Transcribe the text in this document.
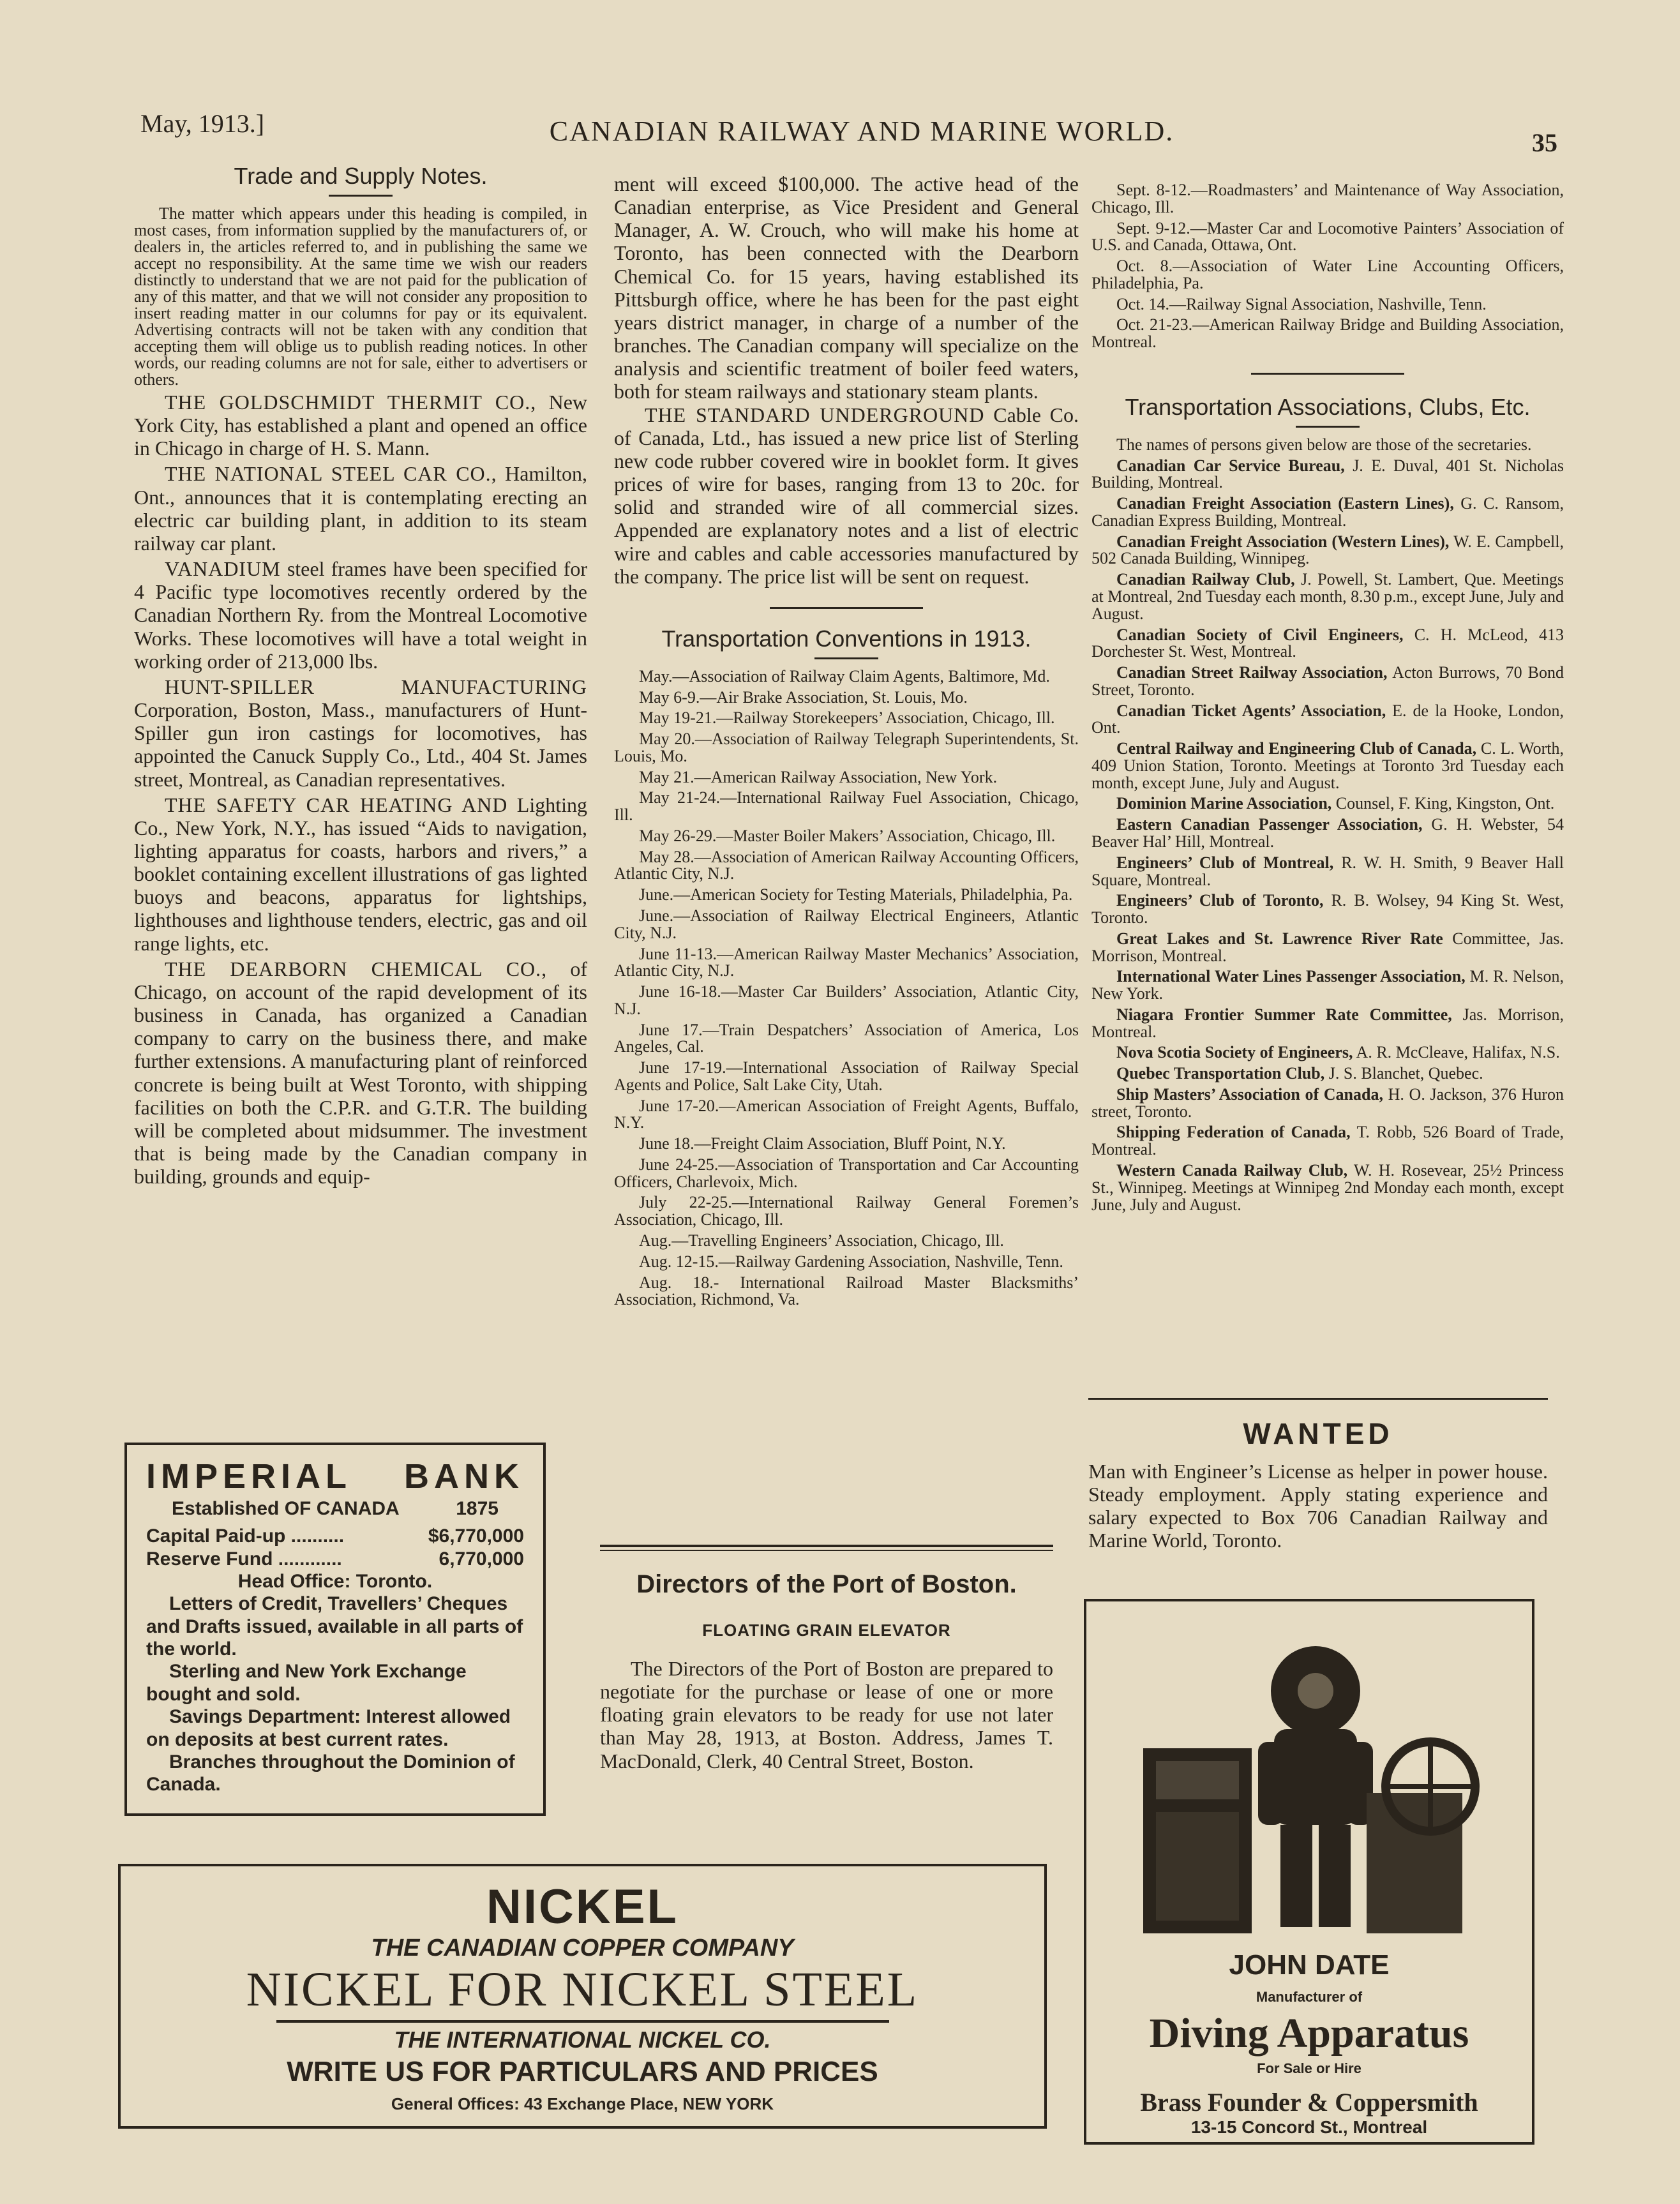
May, 1913.]	CANADIAN RAILWAY AND MARINE WORLD.	35
Trade and Supply Notes.

The matter which appears under this heading is compiled, in most cases, from information supplied by the manufacturers of, or dealers in, the articles referred to, and in publishing the same we accept no responsibility. At the same time we wish our readers distinctly to understand that we are not paid for the publication of any of this matter, and that we will not consider any proposition to insert reading matter in our columns for pay or its equivalent. Advertising contracts will not be taken with any condition that accepting them will oblige us to publish reading notices. In other words, our reading columns are not for sale, either to advertisers or others.

THE GOLDSCHMIDT THERMIT CO., New York City, has established a plant and opened an office in Chicago in charge of H. S. Mann.

THE NATIONAL STEEL CAR CO., Hamilton, Ont., announces that it is contemplating erecting an electric car building plant, in addition to its steam railway car plant.

VANADIUM steel frames have been specified for 4 Pacific type locomotives recently ordered by the Canadian Northern Ry. from the Montreal Locomotive Works. These locomotives will have a total weight in working order of 213,000 lbs.

HUNT-SPILLER MANUFACTURING Corporation, Boston, Mass., manufacturers of Hunt-Spiller gun iron castings for locomotives, has appointed the Canuck Supply Co., Ltd., 404 St. James street, Montreal, as Canadian representatives.

THE SAFETY CAR HEATING AND Lighting Co., New York, N.Y., has issued “Aids to navigation, lighting apparatus for coasts, harbors and rivers,” a booklet containing excellent illustrations of gas lighted buoys and beacons, apparatus for lightships, lighthouses and lighthouse tenders, electric, gas and oil range lights, etc.

THE DEARBORN CHEMICAL CO., of Chicago, on account of the rapid development of its business in Canada, has organized a Canadian company to carry on the business there, and make further extensions. A manufacturing plant of reinforced concrete is being built at West Toronto, with shipping facilities on both the C.P.R. and G.T.R. The building will be completed about midsummer. The investment that is being made by the Canadian company in building, grounds and equip-

ment will exceed $100,000. The active head of the Canadian enterprise, as Vice President and General Manager, A. W. Crouch, who will make his home at Toronto, has been connected with the Dearborn Chemical Co. for 15 years, having established its Pittsburgh office, where he has been for the past eight years district manager, in charge of a number of the branches. The Canadian company will specialize on the analysis and scientific treatment of boiler feed waters, both for steam railways and stationary steam plants.

THE STANDARD UNDERGROUND Cable Co. of Canada, Ltd., has issued a new price list of Sterling new code rubber covered wire in booklet form. It gives prices of wire for bases, ranging from 13 to 20c. for solid and stranded wire of all commercial sizes. Appended are explanatory notes and a list of electric wire and cables and cable accessories manufactured by the company. The price list will be sent on request.

Transportation Conventions in 1913.

May.—Association of Railway Claim Agents, Baltimore, Md.

May 6-9.—Air Brake Association, St. Louis, Mo.

May 19-21.—Railway Storekeepers’ Association, Chicago, Ill.

May 20.—Association of Railway Telegraph Superintendents, St. Louis, Mo.

May 21.—American Railway Association, New York.

May 21-24.—International Railway Fuel Association, Chicago, Ill.

May 26-29.—Master Boiler Makers’ Association, Chicago, Ill.

May 28.—Association of American Railway Accounting Officers, Atlantic City, N.J.

June.—American Society for Testing Materials, Philadelphia, Pa.

June.—Association of Railway Electrical Engineers, Atlantic City, N.J.

June 11-13.—American Railway Master Mechanics’ Association, Atlantic City, N.J.

June 16-18.—Master Car Builders’ Association, Atlantic City, N.J.

June 17.—Train Despatchers’ Association of America, Los Angeles, Cal.

June 17-19.—International Association of Railway Special Agents and Police, Salt Lake City, Utah.

June 17-20.—American Association of Freight Agents, Buffalo, N.Y.

June 18.—Freight Claim Association, Bluff Point, N.Y.

June 24-25.—Association of Transportation and Car Accounting Officers, Charlevoix, Mich.

July 22-25.—International Railway General Foremen’s Association, Chicago, Ill.

Aug.—Travelling Engineers’ Association, Chicago, Ill.

Aug. 12-15.—Railway Gardening Association, Nashville, Tenn.

Aug. 18.- International Railroad Master Blacksmiths’ Association, Richmond, Va.

Sept. 8-12.—Roadmasters’ and Maintenance of Way Association, Chicago, Ill.

Sept. 9-12.—Master Car and Locomotive Painters’ Association of U.S. and Canada, Ottawa, Ont.

Oct. 8.—Association of Water Line Accounting Officers, Philadelphia, Pa.

Oct. 14.—Railway Signal Association, Nashville, Tenn.

Oct. 21-23.—American Railway Bridge and Building Association, Montreal.

Transportation Associations, Clubs, Etc.

The names of persons given below are those of the secretaries.

Canadian Car Service Bureau, J. E. Duval, 401 St. Nicholas Building, Montreal.

Canadian Freight Association (Eastern Lines), G. C. Ransom, Canadian Express Building, Montreal.

Canadian Freight Association (Western Lines), W. E. Campbell, 502 Canada Building, Winnipeg.

Canadian Railway Club, J. Powell, St. Lambert, Que. Meetings at Montreal, 2nd Tuesday each month, 8.30 p.m., except June, July and August.

Canadian Society of Civil Engineers, C. H. McLeod, 413 Dorchester St. West, Montreal.

Canadian Street Railway Association, Acton Burrows, 70 Bond Street, Toronto.

Canadian Ticket Agents’ Association, E. de la Hooke, London, Ont.

Central Railway and Engineering Club of Canada, C. L. Worth, 409 Union Station, Toronto. Meetings at Toronto 3rd Tuesday each month, except June, July and August.

Dominion Marine Association, Counsel, F. King, Kingston, Ont.

Eastern Canadian Passenger Association, G. H. Webster, 54 Beaver Hal’ Hill, Montreal.

Engineers’ Club of Montreal, R. W. H. Smith, 9 Beaver Hall Square, Montreal.

Engineers’ Club of Toronto, R. B. Wolsey, 94 King St. West, Toronto.

Great Lakes and St. Lawrence River Rate Committee, Jas. Morrison, Montreal.

International Water Lines Passenger Association, M. R. Nelson, New York.

Niagara Frontier Summer Rate Committee, Jas. Morrison, Montreal.

Nova Scotia Society of Engineers, A. R. McCleave, Halifax, N.S.

Quebec Transportation Club, J. S. Blanchet, Quebec.

Ship Masters’ Association of Canada, H. O. Jackson, 376 Huron street, Toronto.

Shipping Federation of Canada, T. Robb, 526 Board of Trade, Montreal.

Western Canada Railway Club, W. H. Rosevear, 25½ Princess St., Winnipeg. Meetings at Winnipeg 2nd Monday each month, except June, July and August.

IMPERIAL BANK
Established OF CANADA	1875
Capital Paid-up ..........	$6,770,000
Reserve Fund ............	6,770,000
Head Office: Toronto.
Letters of Credit, Travellers’ Cheques and Drafts issued, available in all parts of the world.
Sterling and New York Exchange bought and sold.
Savings Department: Interest allowed on deposits at best current rates.
Branches throughout the Dominion of Canada.
NICKEL
THE CANADIAN COPPER COMPANY
NICKEL FOR NICKEL STEEL
THE INTERNATIONAL NICKEL CO.
WRITE US FOR PARTICULARS AND PRICES
General Offices: 43 Exchange Place, NEW YORK
Directors of the Port of Boston.
FLOATING GRAIN ELEVATOR

The Directors of the Port of Boston are prepared to negotiate for the purchase or lease of one or more floating grain elevators to be ready for use not later than May 28, 1913, at Boston. Address, James T. MacDonald, Clerk, 40 Central Street, Boston.

WANTED

Man with Engineer’s License as helper in power house. Steady employment. Apply stating experience and salary expected to Box 706 Canadian Railway and Marine World, Toronto.

JOHN DATE
Manufacturer of
Diving Apparatus
For Sale or Hire
Brass Founder & Coppersmith
13-15 Concord St., Montreal
